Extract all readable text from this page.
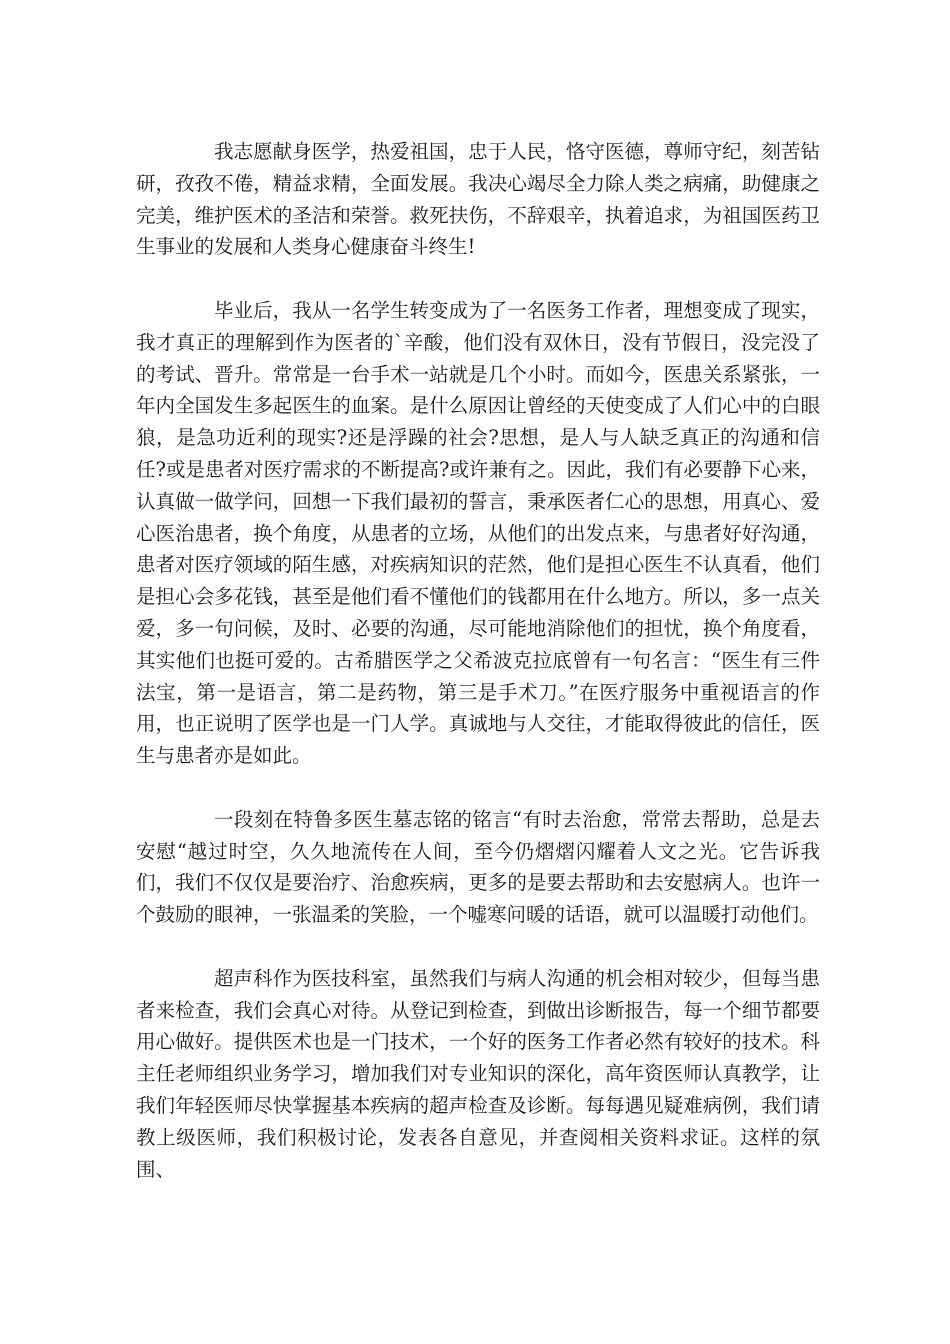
我志愿献身医学，热爱祖国，忠于人民，恪守医德，尊师守纪，刻苦钻研，孜孜不倦，精益求精，全面发展。我决心竭尽全力除人类之病痛，助健康之完美，维护医术的圣洁和荣誉。救死扶伤，不辞艰辛，执着追求，为祖国医药卫生事业的发展和人类身心健康奋斗终生!

毕业后，我从一名学生转变成为了一名医务工作者，理想变成了现实，我才真正的理解到作为医者的`辛酸，他们没有双休日，没有节假日，没完没了的考试、晋升。常常是一台手术一站就是几个小时。而如今，医患关系紧张，一年内全国发生多起医生的血案。是什么原因让曾经的天使变成了人们心中的白眼狼，是急功近利的现实?还是浮躁的社会?思想，是人与人缺乏真正的沟通和信任?或是患者对医疗需求的不断提高?或许兼有之。因此，我们有必要静下心来，认真做一做学问，回想一下我们最初的誓言，秉承医者仁心的思想，用真心、爱心医治患者，换个角度，从患者的立场，从他们的出发点来，与患者好好沟通，患者对医疗领域的陌生感，对疾病知识的茫然，他们是担心医生不认真看，他们是担心会多花钱，甚至是他们看不懂他们的钱都用在什么地方。所以，多一点关爱，多一句问候，及时、必要的沟通，尽可能地消除他们的担忧，换个角度看，其实他们也挺可爱的。古希腊医学之父希波克拉底曾有一句名言：“医生有三件法宝，第一是语言，第二是药物，第三是手术刀。”在医疗服务中重视语言的作用，也正说明了医学也是一门人学。真诚地与人交往，才能取得彼此的信任，医生与患者亦是如此。

一段刻在特鲁多医生墓志铭的铭言“有时去治愈，常常去帮助，总是去安慰“越过时空，久久地流传在人间，至今仍熠熠闪耀着人文之光。它告诉我们，我们不仅仅是要治疗、治愈疾病，更多的是要去帮助和去安慰病人。也许一个鼓励的眼神，一张温柔的笑脸，一个嘘寒问暖的话语，就可以温暖打动他们。

超声科作为医技科室，虽然我们与病人沟通的机会相对较少，但每当患者来检查，我们会真心对待。从登记到检查，到做出诊断报告，每一个细节都要用心做好。提供医术也是一门技术，一个好的医务工作者必然有较好的技术。科主任老师组织业务学习，增加我们对专业知识的深化，高年资医师认真教学，让我们年轻医师尽快掌握基本疾病的超声检查及诊断。每每遇见疑难病例，我们请教上级医师，我们积极讨论，发表各自意见，并查阅相关资料求证。这样的氛围、
